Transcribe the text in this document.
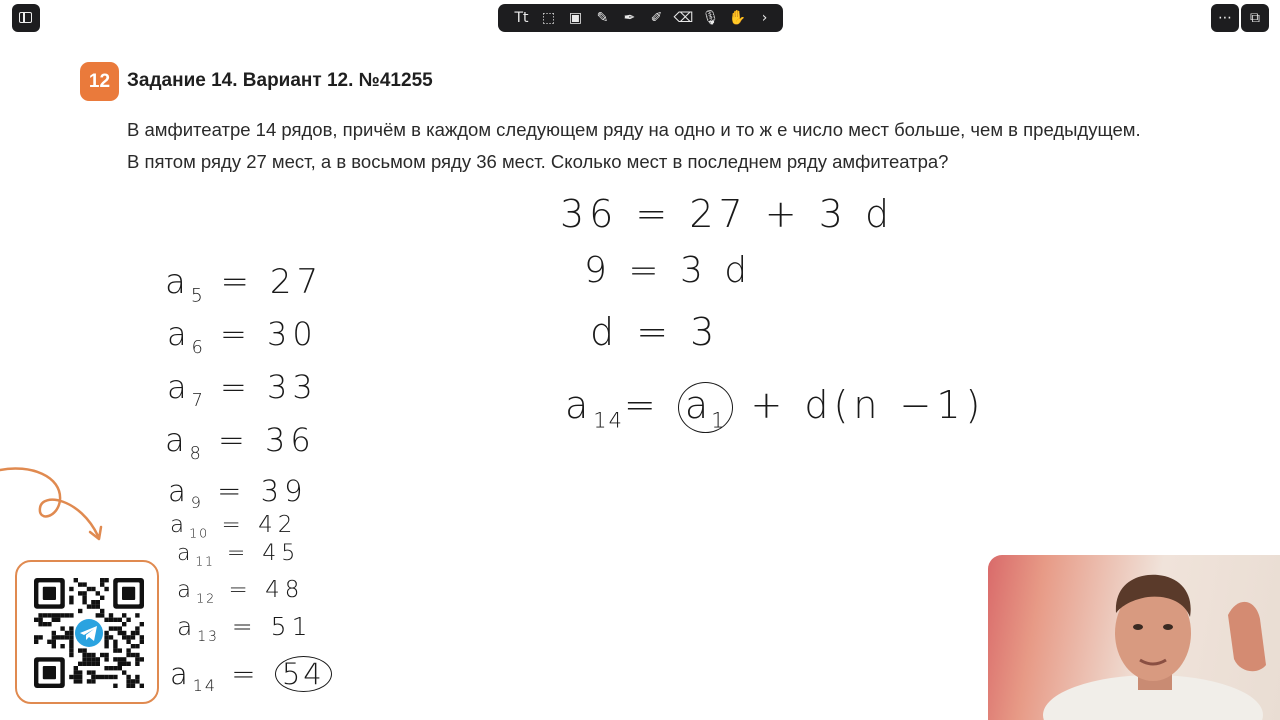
Tt ⬚ ▣ ✎ ✒ ✐ ⌫ 🎙 ✋ ›	⋯ ⧉
12 Задание 14. Вариант 12. №41255
В амфитеатре 14 рядов, причём в каждом следующем ряду на одно и то ж е число мест больше, чем в предыдущем. В пятом ряду 27 мест, а в восьмом ряду 36 мест. Сколько мест в последнем ряду амфитеатра?
$a_5 = 27$
$a_6 = 30$
$a_7 = 33$
$a_8 = 36$
$a_9 = 39$
$a_{10} = 42$
$a_{11} = 45$
$a_{12} = 48$
$a_{13} = 51$
$a_{14} = 54$
36 = 27 + 3 d
9 = 3 d
d = 3
$a_{14}= a_1 + d(n -1)$
